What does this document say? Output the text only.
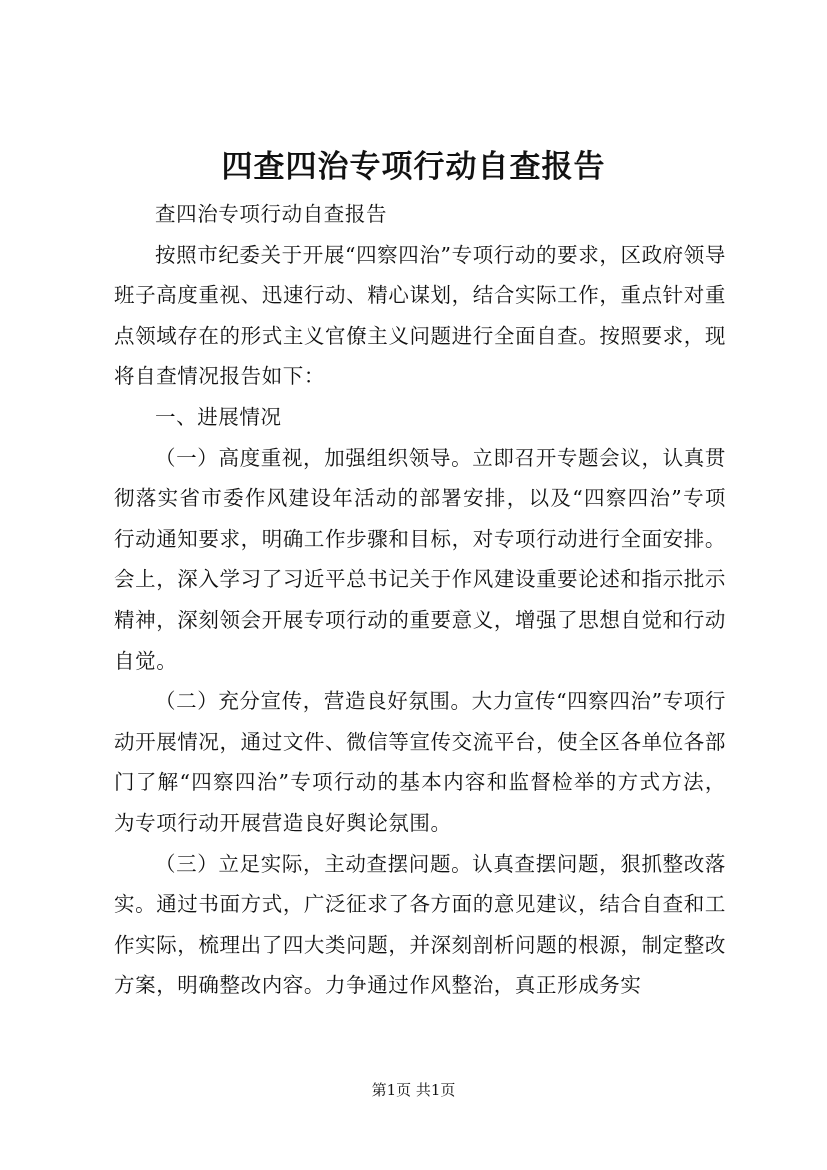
四查四治专项行动自查报告

查四治专项行动自查报告

按照市纪委关于开展“四察四治”专项行动的要求，区政府领导班子高度重视、迅速行动、精心谋划，结合实际工作，重点针对重点领域存在的形式主义官僚主义问题进行全面自查。按照要求，现将自查情况报告如下：

一、进展情况

（一）高度重视，加强组织领导。立即召开专题会议，认真贯彻落实省市委作风建设年活动的部署安排，以及“四察四治”专项行动通知要求，明确工作步骤和目标，对专项行动进行全面安排。会上，深入学习了习近平总书记关于作风建设重要论述和指示批示精神，深刻领会开展专项行动的重要意义，增强了思想自觉和行动自觉。

（二）充分宣传，营造良好氛围。大力宣传“四察四治”专项行动开展情况，通过文件、微信等宣传交流平台，使全区各单位各部门了解“四察四治”专项行动的基本内容和监督检举的方式方法，为专项行动开展营造良好舆论氛围。

（三）立足实际，主动查摆问题。认真查摆问题，狠抓整改落实。通过书面方式，广泛征求了各方面的意见建议，结合自查和工作实际，梳理出了四大类问题，并深刻剖析问题的根源，制定整改方案，明确整改内容。力争通过作风整治，真正形成务实

第1页 共1页
